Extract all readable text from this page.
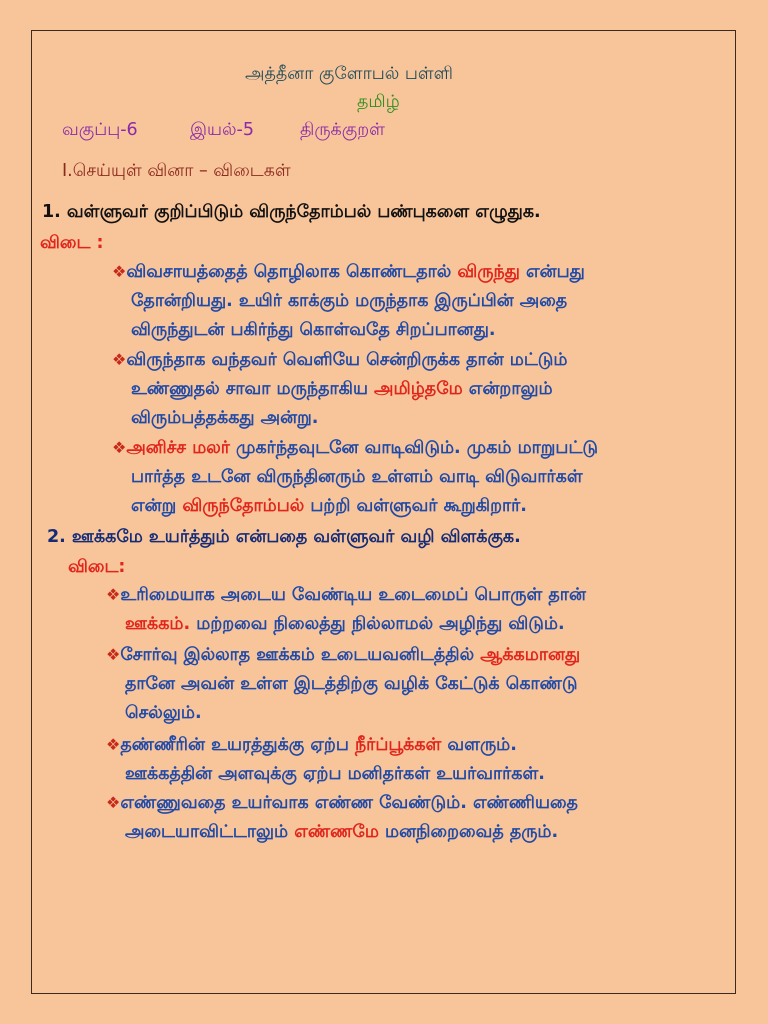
அத்தீனா குளோபல் பள்ளி
தமிழ்
வகுப்பு-6	இயல்-5	திருக்குறள்
I.செய்யுள் வினா – விடைகள்
1. வள்ளுவர் குறிப்பிடும் விருந்தோம்பல் பண்புகளை எழுதுக.
விடை :
❖விவசாயத்தைத் தொழிலாக கொண்டதால் விருந்து என்பது
தோன்றியது. உயிர் காக்கும் மருந்தாக இருப்பின் அதை
விருந்துடன் பகிர்ந்து கொள்வதே சிறப்பானது.
❖விருந்தாக வந்தவர் வெளியே சென்றிருக்க தான் மட்டும்
உண்ணுதல் சாவா மருந்தாகிய அமிழ்தமே என்றாலும்
விரும்பத்தக்கது அன்று.
❖அனிச்ச மலர் முகர்ந்தவுடனே வாடிவிடும். முகம் மாறுபட்டு
பார்த்த உடனே விருந்தினரும் உள்ளம் வாடி விடுவார்கள்
என்று விருந்தோம்பல் பற்றி வள்ளுவர் கூறுகிறார்.
2. ஊக்கமே உயர்த்தும் என்பதை வள்ளுவர் வழி விளக்குக.
விடை:
❖உரிமையாக அடைய வேண்டிய உடைமைப் பொருள் தான்
ஊக்கம். மற்றவை நிலைத்து நில்லாமல் அழிந்து விடும்.
❖சோர்வு இல்லாத ஊக்கம் உடையவனிடத்தில் ஆக்கமானது
தானே அவன் உள்ள இடத்திற்கு வழிக் கேட்டுக் கொண்டு
செல்லும்.
❖தண்ணீரின் உயரத்துக்கு ஏற்ப நீர்ப்பூக்கள் வளரும்.
ஊக்கத்தின் அளவுக்கு ஏற்ப மனிதர்கள் உயர்வார்கள்.
❖எண்ணுவதை உயர்வாக எண்ண வேண்டும். எண்ணியதை
அடையாவிட்டாலும் எண்ணமே மனநிறைவைத் தரும்.
